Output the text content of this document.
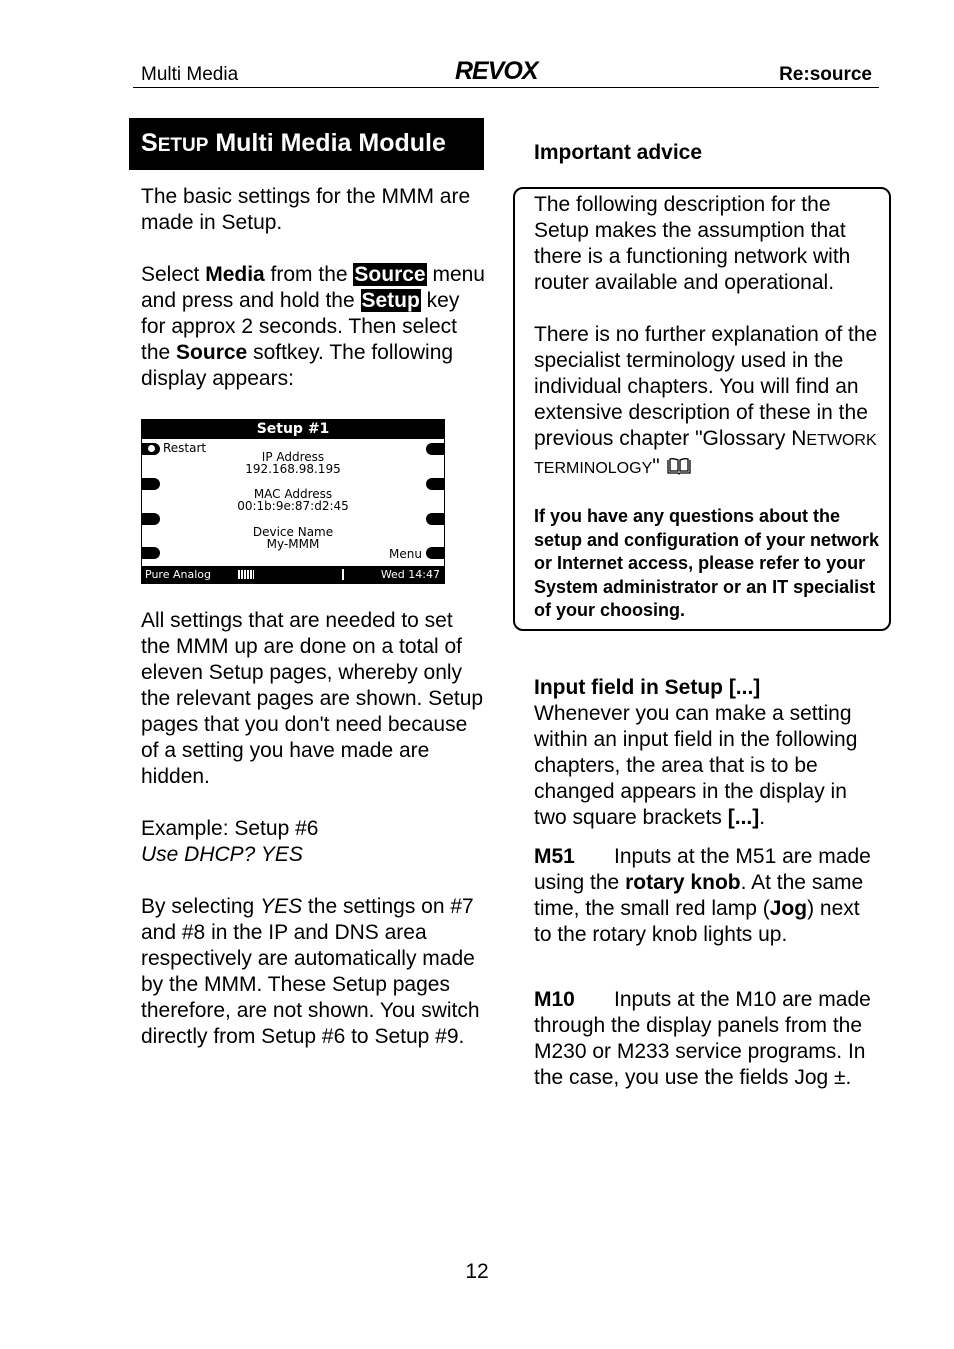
Multi Media	REVOX	Re:source
SETUP Multi Media Module
The basic settings for the MMM are made in Setup.
Select Media from the Source menu and press and hold the Setup key for approx 2 seconds. Then select the Source softkey. The following display appears:
Setup #1
Restart
IP Address
192.168.98.195
MAC Address
00:1b:9e:87:d2:45
Device Name
My-MMM
Menu
Pure Analog	Wed 14:47
All settings that are needed to set the MMM up are done on a total of eleven Setup pages, whereby only the relevant pages are shown. Setup pages that you don't need because of a setting you have made are hidden.
Example: Setup #6
Use DHCP? YES
By selecting YES the settings on #7 and #8 in the IP and DNS area respectively are automatically made by the MMM. These Setup pages therefore, are not shown. You switch directly from Setup #6 to Setup #9.
Important advice
The following description for the Setup makes the assumption that there is a functioning network with router available and operational.
There is no further explanation of the specialist terminology used in the individual chapters. You will find an extensive description of these in the previous chapter "Glossary NETWORK TERMINOLOGY"
If you have any questions about the setup and configuration of your network or Internet access, please refer to your System administrator or an IT specialist of your choosing.
Input field in Setup [...]
Whenever you can make a setting within an input field in the following chapters, the area that is to be changed appears in the display in two square brackets [...].
M51 Inputs at the M51 are made using the rotary knob. At the same time, the small red lamp (Jog) next to the rotary knob lights up.
M10 Inputs at the M10 are made through the display panels from the M230 or M233 service programs. In the case, you use the fields Jog ±.
12
